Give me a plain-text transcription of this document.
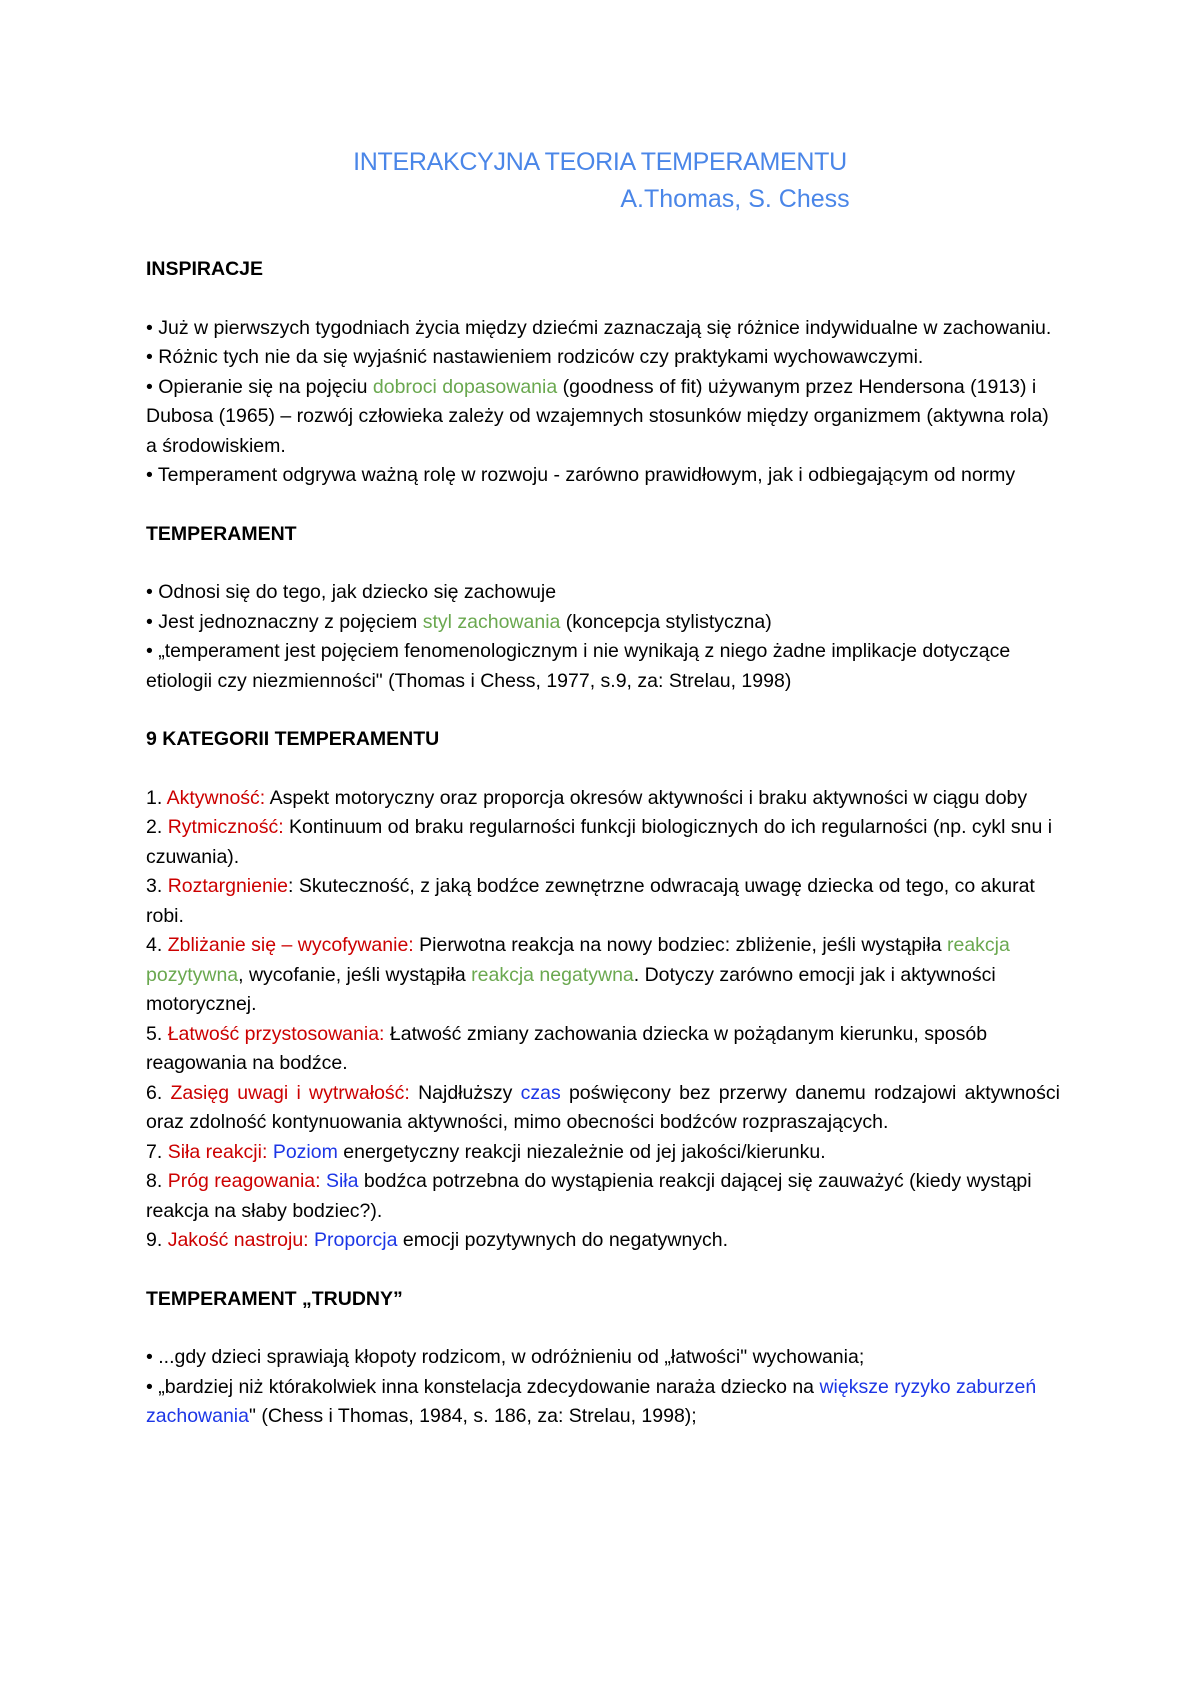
INTERAKCYJNA TEORIA TEMPERAMENTU
A.Thomas, S. Chess

INSPIRACJE

• Już w pierwszych tygodniach życia między dziećmi zaznaczają się różnice indywidualne w zachowaniu.

• Różnic tych nie da się wyjaśnić nastawieniem rodziców czy praktykami wychowawczymi.

• Opieranie się na pojęciu dobroci dopasowania (goodness of fit) używanym przez Hendersona (1913) i Dubosa (1965) – rozwój człowieka zależy od wzajemnych stosunków między organizmem (aktywna rola) a środowiskiem.

• Temperament odgrywa ważną rolę w rozwoju - zarówno prawidłowym, jak i odbiegającym od normy

TEMPERAMENT

• Odnosi się do tego, jak dziecko się zachowuje

• Jest jednoznaczny z pojęciem styl zachowania (koncepcja stylistyczna)

• „temperament jest pojęciem fenomenologicznym i nie wynikają z niego żadne implikacje dotyczące etiologii czy niezmienności" (Thomas i Chess, 1977, s.9, za: Strelau, 1998)

9 KATEGORII TEMPERAMENTU

1. Aktywność: Aspekt motoryczny oraz proporcja okresów aktywności i braku aktywności w ciągu doby

2. Rytmiczność: Kontinuum od braku regularności funkcji biologicznych do ich regularności (np. cykl snu i czuwania).

3. Roztargnienie: Skuteczność, z jaką bodźce zewnętrzne odwracają uwagę dziecka od tego, co akurat robi.

4. Zbliżanie się – wycofywanie: Pierwotna reakcja na nowy bodziec: zbliżenie, jeśli wystąpiła reakcja pozytywna, wycofanie, jeśli wystąpiła reakcja negatywna. Dotyczy zarówno emocji jak i aktywności motorycznej.

5. Łatwość przystosowania: Łatwość zmiany zachowania dziecka w pożądanym kierunku, sposób reagowania na bodźce.

6. Zasięg uwagi i wytrwałość: Najdłuższy czas poświęcony bez przerwy danemu rodzajowi aktywności oraz zdolność kontynuowania aktywności, mimo obecności bodźców rozpraszających.

7. Siła reakcji: Poziom energetyczny reakcji niezależnie od jej jakości/kierunku.

8. Próg reagowania: Siła bodźca potrzebna do wystąpienia reakcji dającej się zauważyć (kiedy wystąpi reakcja na słaby bodziec?).

9. Jakość nastroju: Proporcja emocji pozytywnych do negatywnych.

TEMPERAMENT „TRUDNY”

• ...gdy dzieci sprawiają kłopoty rodzicom, w odróżnieniu od „łatwości" wychowania;

• „bardziej niż którakolwiek inna konstelacja zdecydowanie naraża dziecko na większe ryzyko zaburzeń zachowania" (Chess i Thomas, 1984, s. 186, za: Strelau, 1998);
